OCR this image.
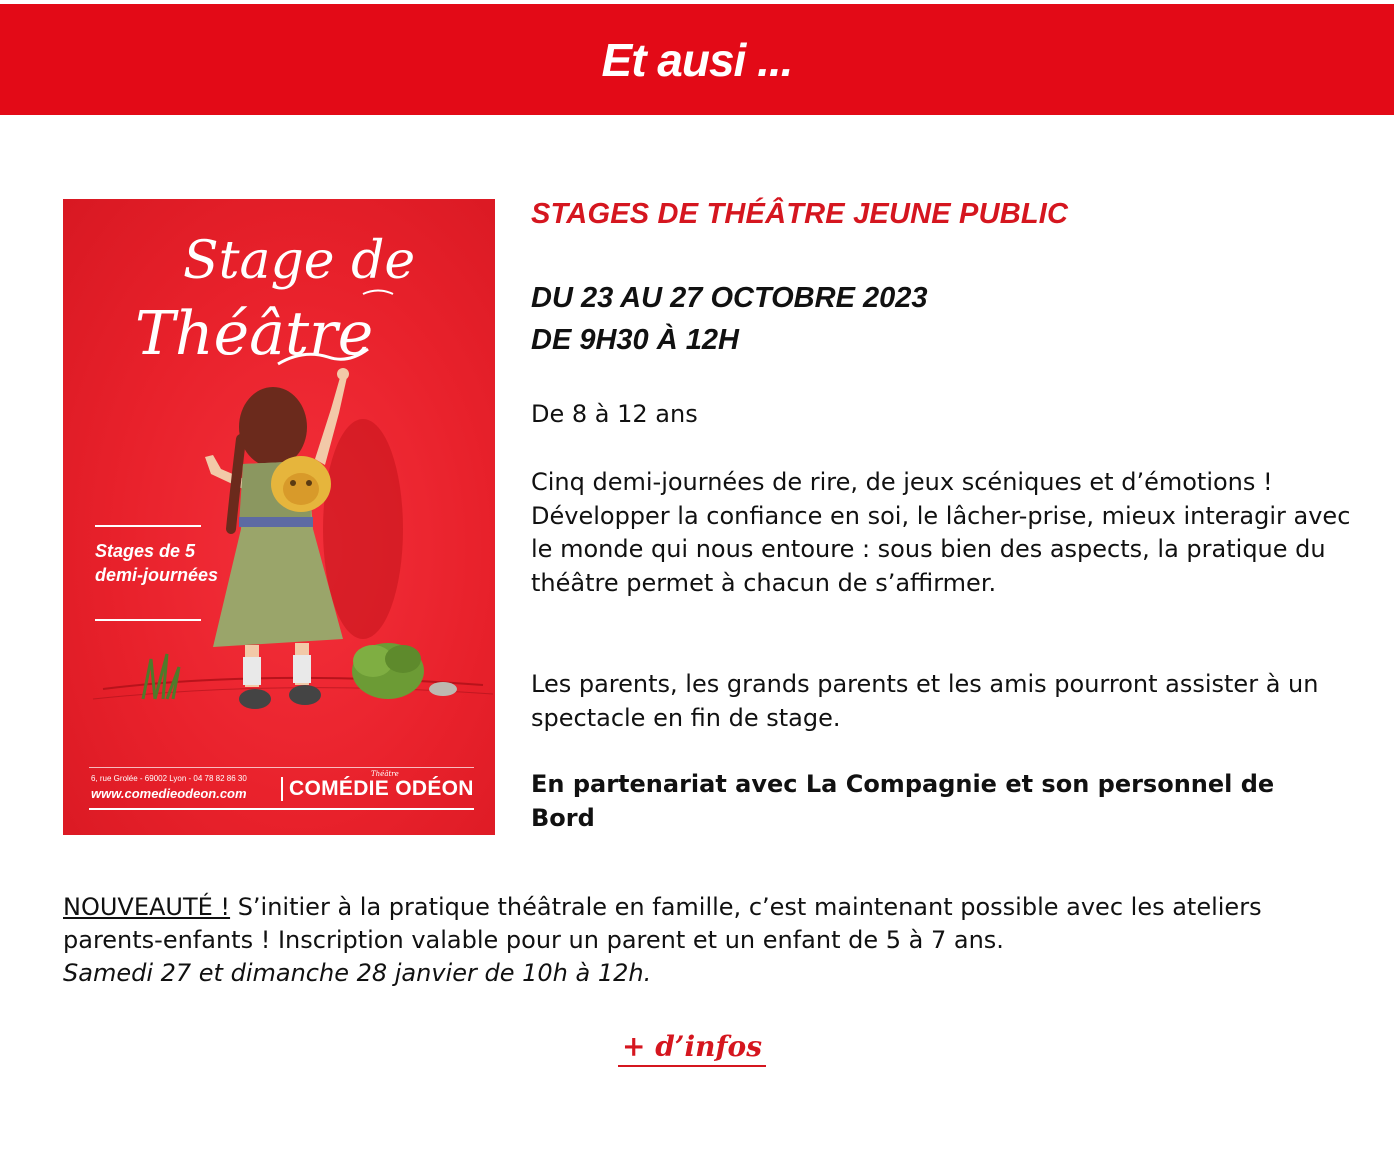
Et ausi ...
Stage de
Théâtre
Stages de 5 demi-journées
6, rue Grolée - 69002 Lyon - 04 78 82 86 30
www.comedieodeon.com
Théâtre
COMÉDIE ODÉON
STAGES DE THÉÂTRE JEUNE PUBLIC
DU 23 AU 27 OCTOBRE 2023
DE 9H30 À 12H

De 8 à 12 ans

Cinq demi-journées de rire, de jeux scéniques et d’émotions ! Développer la confiance en soi, le lâcher-prise, mieux interagir avec le monde qui nous entoure : sous bien des aspects, la pratique du théâtre permet à chacun de s’affirmer.

Les parents, les grands parents et les amis pourront assister à un spectacle en fin de stage.

En partenariat avec La Compagnie et son personnel de Bord

NOUVEAUTÉ ! S’initier à la pratique théâtrale en famille, c’est maintenant possible avec les ateliers parents-enfants ! Inscription valable pour un parent et un enfant de 5 à 7 ans.
Samedi 27 et dimanche 28 janvier de 10h à 12h.

+ d’infos
